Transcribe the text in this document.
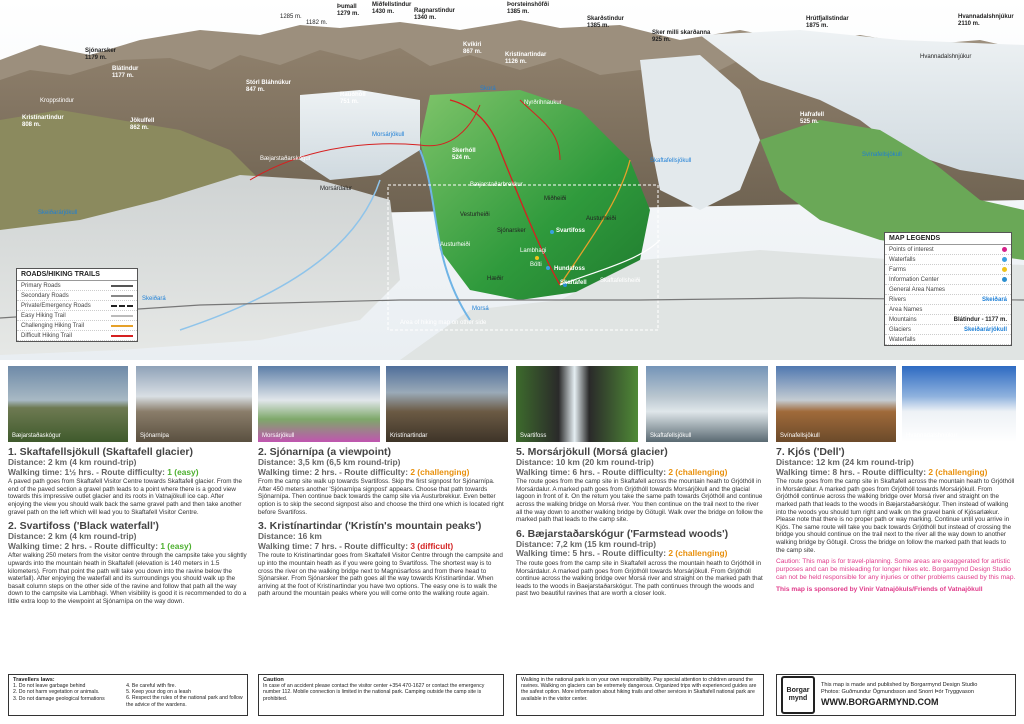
1285 m.
1182 m.
Þumall
1279 m.
Miðfellstindur
1430 m.	Ragnarstindur
1340 m.
Þorsteinshöfði
1385 m.
Skarðstindur
1385 m.
Sker milli skarðanna
925 m.
Hrútfjallstindar
1875 m.
Hvannadalshnjúkur
2110 m.
Sjónarsker
1179 m.
Blátindur
1177 m.
Stórl Bláhnúkur
847 m.
Kristínartindar
1126 m.
Kvíkiri
867 m.
Rauðhóll
751 m.
Skerhóll
524 m.
Kristínartindur
808 m.
Jökulfell
862 m.
Hafrafell
525 m.
Kroppstindur
Morsárjökull
Morsárdalur
Bæjarstaðarskógur	Skaftafellsjökull
Skeiðarárjökull
Svínafellsjökull
Skeiðará
Morsá
Vesturheiði
Miðheiði
Austurheiði
Sjónarsker
Hæðir
Svartifoss
Bölti
Hundafoss
Skaftafell
Nyrðrihnaukur
Bæjarstaðarbrekkur
Skaftafellsheiði
Skorá
Lambhagi
Austurheiði
Hvannadalshnjúkur
Area of hiking map on other side
ROADS/HIKING TRAILS
Primary Roads
Secondary Roads
Private/Emergency Roads
Easy Hiking Trail
Challenging Hiking Trail
Difficult Hiking Trail
MAP LEGENDS
Points of interest
Waterfalls
Farms
Information Center
General Area Names
Rivers	Skeiðará
Area Names
Mountains	Blátindur - 1177 m.
Glaciers	Skeiðarárjökull
Waterfalls
Bæjarstaðaskógur	Sjónarnípa	Morsárjökull	Kristínartindar	Svartifoss	Skaftafellsjökull	Svínafellsjökull	Hvannadalshnjúkur
1. Skaftafellsjökull (Skaftafell glacier)
Distance: 2 km (4 km round-trip)
Walking time: 1½ hrs. - Route difficulty: 1 (easy)

A paved path goes from Skaftafell Visitor Centre towards Skaftafell glacier. From the end of the paved section a gravel path leads to a point where there is a good view towards this impressive outlet glacier and its roots in Vatnajökull ice cap. After enjoying the view you should walk back the same gravel path and then take another gravel path on the left which will lead you to Skaftafell Visitor Centre.

2. Svartifoss ('Black waterfall')
Distance: 2 km (4 km round-trip)
Walking time: 2 hrs. - Route difficulty: 1 (easy)

After walking 250 meters from the visitor centre through the campsite take you slightly upwards into the mountain heath in Skaftafell (elevation is 140 meters in 1.5 kilometers). From that point the path will take you down into the ravine below the waterfall). After enjoying the waterfall and its surroundings you should walk up the basalt column steps on the other side of the ravine and follow that path all the way down to the campsite via Lambhagi. When visibility is good it is recommended to do a little extra loop to the viewpoint at Sjónarnípa on the way down.

2. Sjónarnípa (a viewpoint)
Distance: 3,5 km (6,5 km round-trip)
Walking time: 2 hrs. - Route difficulty: 2 (challenging)

From the camp site walk up towards Svartifoss. Skip the first signpost for Sjónarnípa. After 450 meters another 'Sjónarnípa signpost' appears. Choose that path towards Sjónarnípa. Then continue back towards the camp site via Austurbrekkur. Even better option is to skip the second signpost also and choose the third one which is located right before Svartifoss.

3. Kristínartindar ('Kristín's mountain peaks')
Distance: 16 km
Walking time: 7 hrs. - Route difficulty: 3 (difficult)

The route to Kristínartindar goes from Skaftafell Visitor Centre through the campsite and up into the mountain heath as if you were going to Svartifoss. The shortest way is to cross the river on the walking bridge next to Magnúsarfoss and from there head to Sjónarsker. From Sjónarsker the path goes all the way towards Kristínartindar. When arriving at the foot of Kristínartindar you have two options. The easy one is to walk the path around the mountain peaks where you will come onto the walking route again.

5. Morsárjökull (Morsá glacier)
Distance: 10 km (20 km round-trip)
Walking time: 6 hrs. - Route difficulty: 2 (challenging)

The route goes from the camp site in Skaftafell across the mountain heath to Grjóthóll in Morsárdalur. A marked path goes from Grjóthóll towards Morsárjökull and the glacial lagoon in front of it. On the return you take the same path towards Grjóthóll and continue across the walking bridge on Morsá river. You then continue on the trail next to the river all the way down to another walking bridge by Götugil. Walk over the bridge on follow the marked path that leads to the camp site.

6. Bæjarstaðarskógur ('Farmstead woods')
Distance: 7,2 km (15 km round-trip)
Walking time: 5 hrs. - Route difficulty: 2 (challenging)

The route goes from the camp site in Skaftafell across the mountain heath to Grjóthóll in Morsárdalur. A marked path goes from Grjóthóll towards Morsárjökull. From Grjóthóll continue across the walking bridge over Morsá river and straight on the marked path that leads to the woods in Baejarstaðarskógur. The path continues through the woods and past two beautiful ravines that are worth a closer look.

7. Kjós ('Dell')
Distance: 12 km (24 km round-trip)
Walking time: 8 hrs. - Route difficulty: 2 (challenging)

The route goes from the camp site in Skaftafell across the mountain heath to Grjóthóll in Morsárdalur. A marked path goes from Grjóthóll towards Morsárjökull. From Grjóthóll continue across the walking bridge over Morsá river and straight on the marked path that leads to the woods in Bæjarstaðarskógur. Then instead of walking into the woods you should turn right and walk on the gravel bank of Kjósarlækur. Please note that there is no proper path or way marking. Continue until you arrive in Kjós. The same route will take you back towards Grjóthóll but instead of crossing the bridge you should continue on the trail next to the river all the way down to another walking bridge by Götugil. Cross the bridge on follow the marked path that leads to the camp site.

Caution: This map is for travel-planning. Some areas are exaggerated for artistic purposes and can be misleading for longer hikes etc. Borgarmynd Design Studio can not be held responsible for any injuries or other problems caused by this map.

This map is sponsored by Vinir Vatnajökuls/Friends of Vatnajökull

Travellers laws:
1. Do not leave garbage behind
2. Do not harm vegetation or animals.
3. Do not damage geological formations
4. Be careful with fire.
5. Keep your dog on a leash
6. Respect the rules of the national park and follow the advice of the wardens.
Caution
In case of an accident please contact the visitor center +354 470-1627 or contact the emergency number 112. Mobile connection is limited in the national park. Camping outside the camp site is prohibited.
Walking in the national park is on your own responsibility. Pay special attention to children around the ravines. Walking on glaciers can be extremely dangerous. Organized trips with experienced guides are the safest option. More information about hiking trails and other services in Skaftafell national park are available in the visitor center.
Borgar mynd
This map is made and published by Borgarmynd Design Studio
Photos: Guðmundur Ögmundsson and Snorri Þór Tryggvason
WWW.BORGARMYND.COM
